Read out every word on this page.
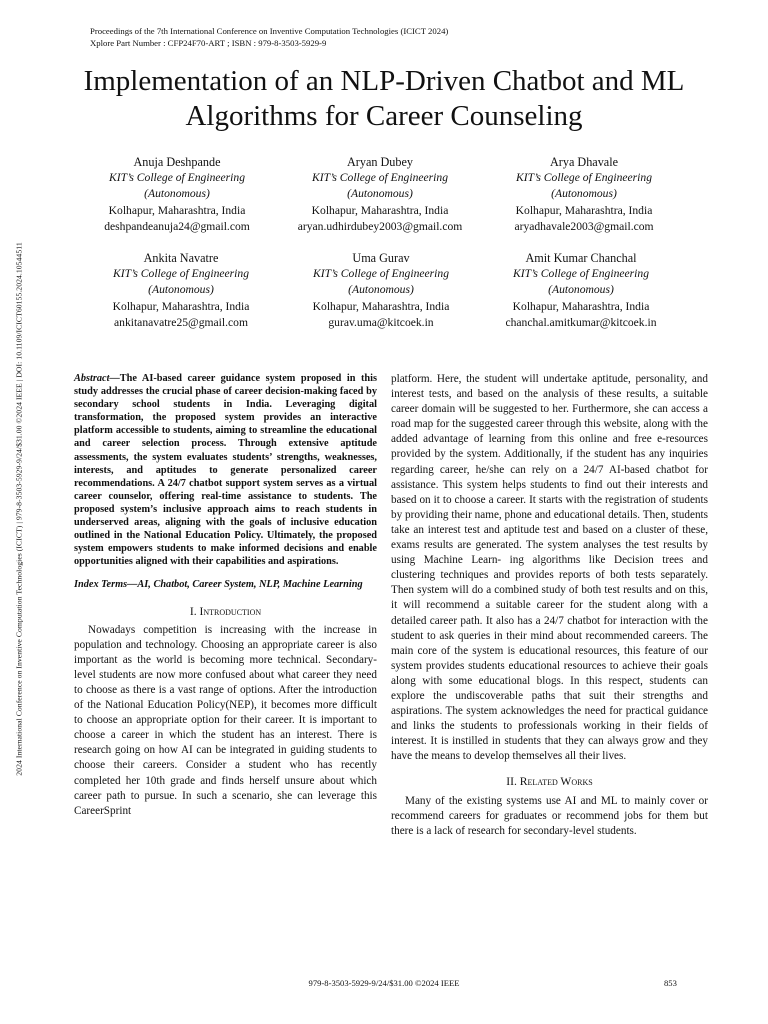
2024 International Conference on Inventive Computation Technologies (ICICT) | 979-8-3503-5929-9/24/$31.00 ©2024 IEEE | DOI: 10.1109/ICICT60155.2024.10544511
Proceedings of the 7th International Conference on Inventive Computation Technologies (ICICT 2024)
Xplore Part Number : CFP24F70-ART ; ISBN : 979-8-3503-5929-9
Implementation of an NLP-Driven Chatbot and ML
Algorithms for Career Counseling
Anuja Deshpande
KIT’s College of Engineering
(Autonomous)
Kolhapur, Maharashtra, India
deshpandeanuja24@gmail.com
Aryan Dubey
KIT’s College of Engineering
(Autonomous)
Kolhapur, Maharashtra, India
aryan.udhirdubey2003@gmail.com
Arya Dhavale
KIT’s College of Engineering
(Autonomous)
Kolhapur, Maharashtra, India
aryadhavale2003@gmail.com
Ankita Navatre
KIT’s College of Engineering
(Autonomous)
Kolhapur, Maharashtra, India
ankitanavatre25@gmail.com
Uma Gurav
KIT’s College of Engineering
(Autonomous)
Kolhapur, Maharashtra, India
gurav.uma@kitcoek.in
Amit Kumar Chanchal
KIT’s College of Engineering
(Autonomous)
Kolhapur, Maharashtra, India
chanchal.amitkumar@kitcoek.in

Abstract—The AI-based career guidance system proposed in this study addresses the crucial phase of career decision-making faced by secondary school students in India. Leveraging digital transformation, the proposed system provides an interactive platform accessible to students, aiming to streamline the educational and career selection process. Through extensive aptitude assessments, the system evaluates students’ strengths, weaknesses, interests, and aptitudes to generate personalized career recommendations. A 24/7 chatbot support system serves as a virtual career counselor, offering real-time assistance to students. The proposed system’s inclusive approach aims to reach students in underserved areas, aligning with the goals of inclusive education outlined in the National Education Policy. Ultimately, the proposed system empowers students to make informed decisions and enable opportunities aligned with their capabilities and aspirations.

Index Terms—AI, Chatbot, Career System, NLP, Machine Learning

I. Introduction

Nowadays competition is increasing with the increase in population and technology. Choosing an appropriate career is also important as the world is becoming more technical. Secondary-level students are now more confused about what career they need to choose as there is a vast range of options. After the introduction of the National Education Policy(NEP), it becomes more difficult to choose an appropriate option for their career. It is important to choose a career in which the student has an interest. There is research going on how AI can be integrated in guiding students to choose their careers. Consider a student who has recently completed her 10th grade and finds herself unsure about which career path to pursue. In such a scenario, she can leverage this CareerSprint

platform. Here, the student will undertake aptitude, personality, and interest tests, and based on the analysis of these results, a suitable career domain will be suggested to her. Furthermore, she can access a road map for the suggested career through this website, along with the added advantage of learning from this online and free e-resources provided by the system. Additionally, if the student has any inquiries regarding career, he/she can rely on a 24/7 AI-based chatbot for assistance. This system helps students to find out their interests and based on it to choose a career. It starts with the registration of students by providing their name, phone and educational details. Then, students take an interest test and aptitude test and based on a cluster of these, exams results are generated. The system analyses the test results by using Machine Learn- ing algorithms like Decision trees and clustering techniques and provides reports of both tests separately. Then system will do a combined study of both test results and on this, it will recommend a suitable career for the student along with a detailed career path. It also has a 24/7 chatbot for interaction with the student to ask queries in their mind about recommended careers. The main core of the system is educational resources, this feature of our system provides students educational resources to achieve their goals along with some educational blogs. In this respect, students can explore the undiscoverable paths that suit their strengths and aspirations. The system acknowledges the need for practical guidance and links the students to professionals working in their fields of interest. It is instilled in students that they can always grow and they have the means to develop themselves all their lives.

II. Related Works

Many of the existing systems use AI and ML to mainly cover or recommend careers for graduates or recommend jobs for them but there is a lack of research for secondary-level students.

979-8-3503-5929-9/24/$31.00 ©2024 IEEE	853
